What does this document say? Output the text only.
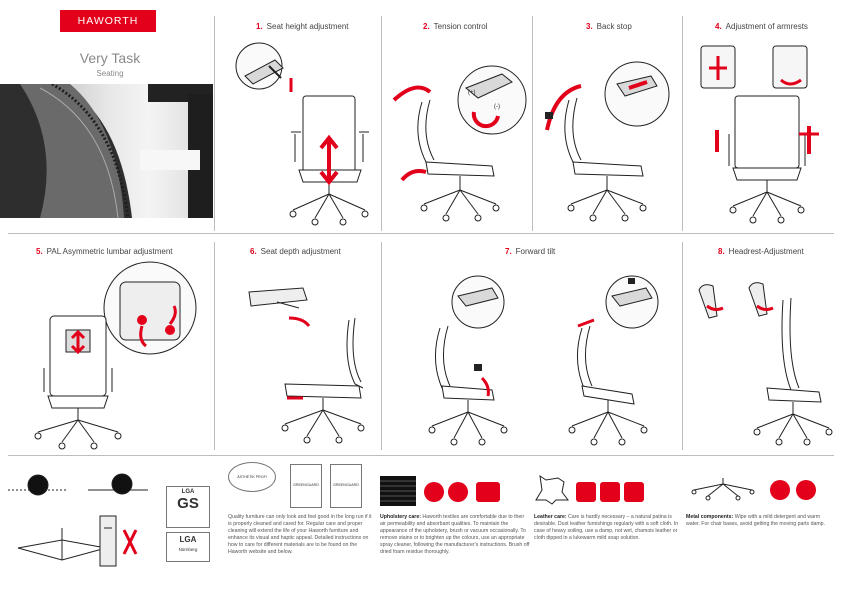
HAWORTH
Very Task
Seating
1. Seat height adjustment	2. Tension control	3. Back stop	4. Adjustment of armrests
5. PAL Asymmetric lumbar adjustment	6. Seat depth adjustment	7. Forward tilt	8. Headrest-Adjustment
(+)
(-)
LGA
GS
LGA
Nürnberg
ÄSTHETIK PROFI
GREENGUARD	GREENGUARD
Quality furniture can only look and feel good in the long run if it is properly cleaned and cared for. Regular care and proper cleaning will extend the life of your Haworth furniture and enhance its visual and haptic appeal. Detailed instructions on how to care for different materials are to be found on the Haworth website and below.
Upholstery care: Haworth textiles are comfortable due to their air permeability and absorbant qualities. To maintain the appearance of the upholstery, brush or vacuum occasionally. To remove stains or to brighten up the colours, use an appropriate spray cleaner, following the manufacturer's instructions. Brush off dried foam residue thoroughly.
Leather care: Care is hardly necessary – a natural patina is desirable. Dust leather furnishings regularly with a soft cloth. In case of heavy soiling, use a damp, not wet, chamois leather or cloth dipped in a lukewarm mild soap solution.
Metal components: Wipe with a mild detergent and warm water. For chair bases, avoid getting the moving parts damp.
